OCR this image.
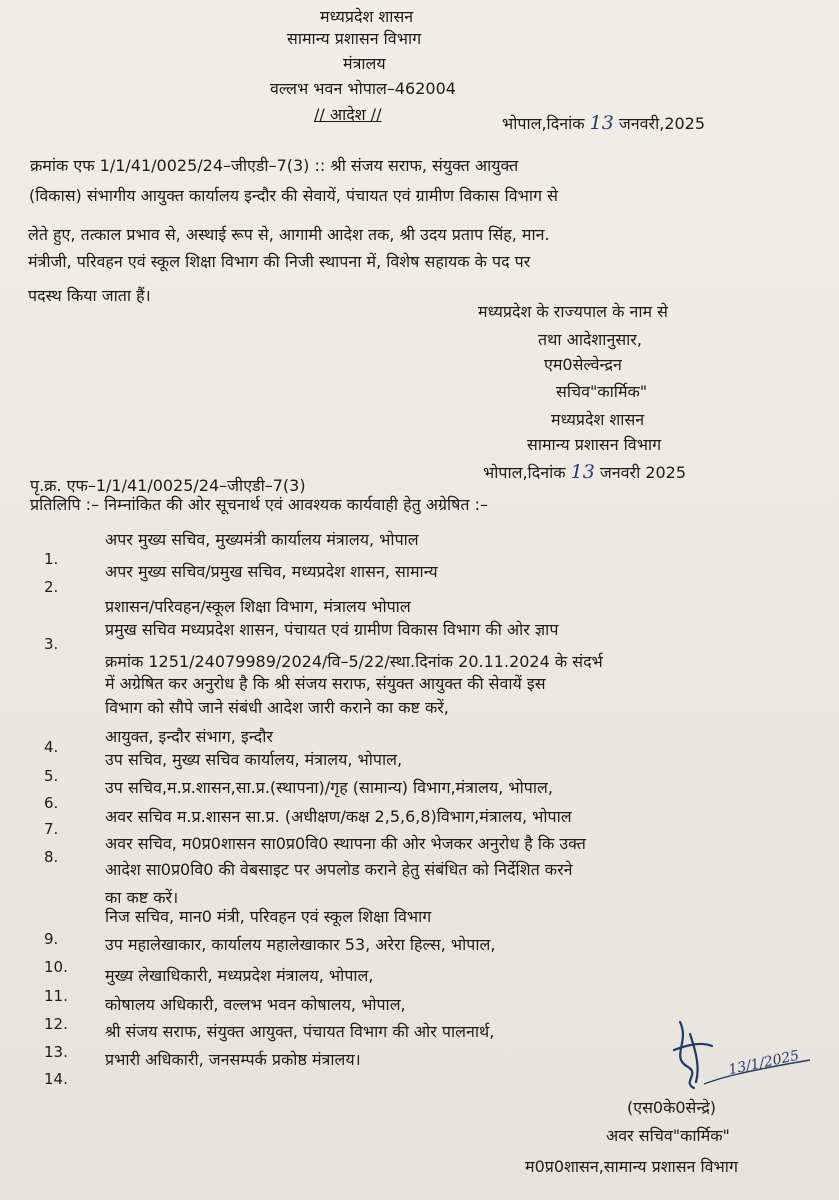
मध्यप्रदेश शासन
सामान्य प्रशासन विभाग
मंत्रालय
वल्लभ भवन भोपाल–462004
// आदेश //	भोपाल,दिनांक 13 जनवरी,2025
क्रमांक एफ 1/1/41/0025/24–जीएडी–7(3) :: श्री संजय सराफ, संयुक्त आयुक्त
(विकास) संभागीय आयुक्त कार्यालय इन्दौर की सेवायें, पंचायत एवं ग्रामीण विकास विभाग से
लेते हुए, तत्काल प्रभाव से, अस्थाई रूप से, आगामी आदेश तक, श्री उदय प्रताप सिंह, मान.
मंत्रीजी, परिवहन एवं स्कूल शिक्षा विभाग की निजी स्थापना में, विशेष सहायक के पद पर
पदस्थ किया जाता हैं।
मध्यप्रदेश के राज्यपाल के नाम से
तथा आदेशानुसार,
एम0सेल्वेन्द्रन
सचिव"कार्मिक"
मध्यप्रदेश शासन
सामान्य प्रशासन विभाग
पृ.क्र. एफ–1/1/41/0025/24–जीएडी–7(3)
भोपाल,दिनांक 13 जनवरी 2025
प्रतिलिपि :– निम्नांकित की ओर सूचनार्थ एवं आवश्यक कार्यवाही हेतु अग्रेषित :–
1.
अपर मुख्य सचिव, मुख्यमंत्री कार्यालय मंत्रालय, भोपाल
2.
अपर मुख्य सचिव/प्रमुख सचिव, मध्यप्रदेश शासन, सामान्य
प्रशासन/परिवहन/स्कूल शिक्षा विभाग, मंत्रालय भोपाल
3.
प्रमुख सचिव मध्यप्रदेश शासन, पंचायत एवं ग्रामीण विकास विभाग की ओर ज्ञाप
क्रमांक 1251/24079989/2024/वि–5/22/स्था.दिनांक 20.11.2024 के संदर्भ
में अग्रेषित कर अनुरोध है कि श्री संजय सराफ, संयुक्त आयुक्त की सेवायें इस
विभाग को सौपे जाने संबंधी आदेश जारी कराने का कष्ट करें,
4.
आयुक्त, इन्दौर संभाग, इन्दौर
5.
उप सचिव, मुख्य सचिव कार्यालय, मंत्रालय, भोपाल,
6.
उप सचिव,म.प्र.शासन,सा.प्र.(स्थापना)/गृह (सामान्य) विभाग,मंत्रालय, भोपाल,
7.
अवर सचिव म.प्र.शासन सा.प्र. (अधीक्षण/कक्ष 2,5,6,8)विभाग,मंत्रालय, भोपाल
8.
अवर सचिव, म0प्र0शासन सा0प्र0वि0 स्थापना की ओर भेजकर अनुरोध है कि उक्त
आदेश सा0प्र0वि0 की वेबसाइट पर अपलोड कराने हेतु संबंधित को निर्देशित करने
का कष्ट करें।
9.
निज सचिव, मान0 मंत्री, परिवहन एवं स्कूल शिक्षा विभाग
10.
उप महालेखाकार, कार्यालय महालेखाकार 53, अरेरा हिल्स, भोपाल,
11.
मुख्य लेखाधिकारी, मध्यप्रदेश मंत्रालय, भोपाल,
12.
कोषालय अधिकारी, वल्लभ भवन कोषालय, भोपाल,
13.
श्री संजय सराफ, संयुक्त आयुक्त, पंचायत विभाग की ओर पालनार्थ,
14.
प्रभारी अधिकारी, जनसम्पर्क प्रकोष्ठ मंत्रालय।	13/1/2025
(एस0के0सेन्द्रे)
अवर सचिव"कार्मिक"
म0प्र0शासन,सामान्य प्रशासन विभाग
